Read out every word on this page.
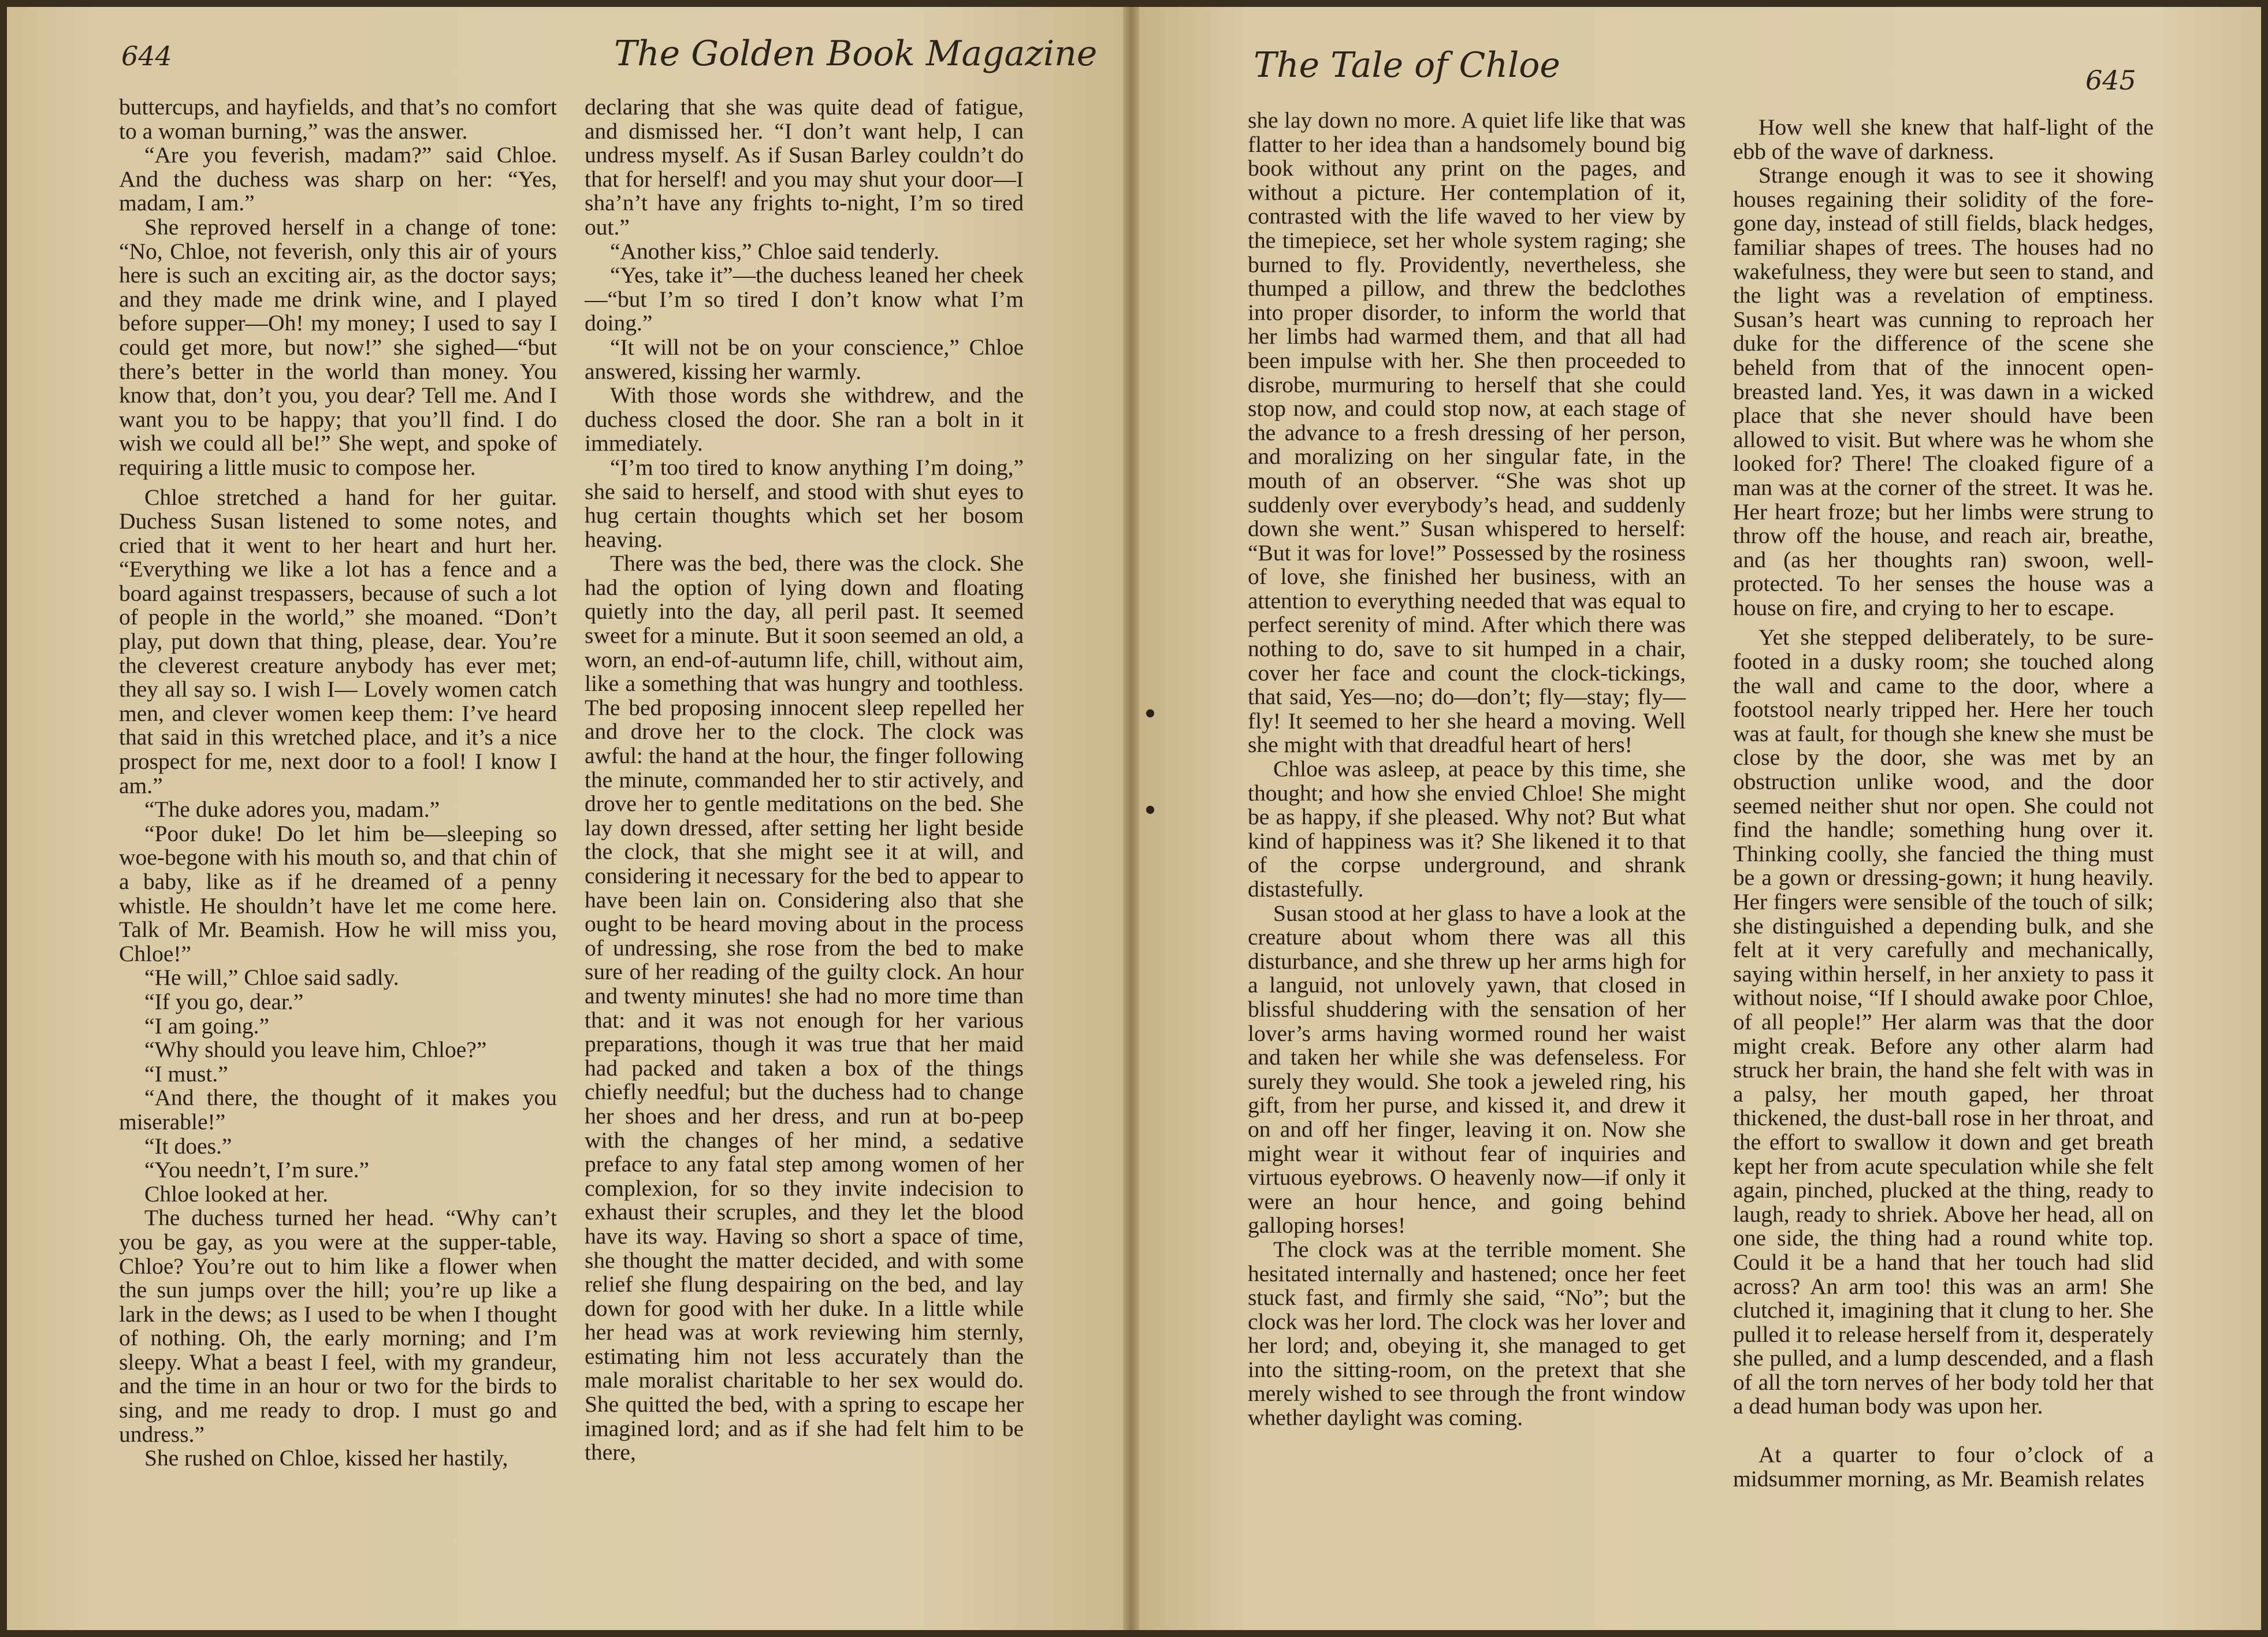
644	The Golden Book Magazine	The Tale of Chloe	645

buttercups, and hayfields, and that’s no comfort to a woman burning,” was the answer.

“Are you feverish, madam?” said Chloe. And the duchess was sharp on her: “Yes, madam, I am.”

She reproved herself in a change of tone: “No, Chloe, not feverish, only this air of yours here is such an exciting air, as the doctor says; and they made me drink wine, and I played before supper—Oh! my money; I used to say I could get more, but now!” she sighed—“but there’s better in the world than money. You know that, don’t you, you dear? Tell me. And I want you to be happy; that you’ll find. I do wish we could all be!” She wept, and spoke of requiring a little music to compose her.

Chloe stretched a hand for her guitar. Duchess Susan listened to some notes, and cried that it went to her heart and hurt her. “Everything we like a lot has a fence and a board against trespassers, because of such a lot of people in the world,” she moaned. “Don’t play, put down that thing, please, dear. You’re the cleverest creature anybody has ever met; they all say so. I wish I— Lovely women catch men, and clever women keep them: I’ve heard that said in this wretched place, and it’s a nice prospect for me, next door to a fool! I know I am.”

“The duke adores you, madam.”

“Poor duke! Do let him be—sleeping so woe-begone with his mouth so, and that chin of a baby, like as if he dreamed of a penny whistle. He shouldn’t have let me come here. Talk of Mr. Beamish. How he will miss you, Chloe!”

“He will,” Chloe said sadly.

“If you go, dear.”

“I am going.”

“Why should you leave him, Chloe?”

“I must.”

“And there, the thought of it makes you miserable!”

“It does.”

“You needn’t, I’m sure.”

Chloe looked at her.

The duchess turned her head. “Why can’t you be gay, as you were at the supper-table, Chloe? You’re out to him like a flower when the sun jumps over the hill; you’re up like a lark in the dews; as I used to be when I thought of nothing. Oh, the early morning; and I’m sleepy. What a beast I feel, with my grandeur, and the time in an hour or two for the birds to sing, and me ready to drop. I must go and undress.”

She rushed on Chloe, kissed her hastily,

declaring that she was quite dead of fatigue, and dismissed her. “I don’t want help, I can undress myself. As if Susan Barley couldn’t do that for herself! and you may shut your door—I sha’n’t have any frights to-night, I’m so tired out.”

“Another kiss,” Chloe said tenderly.

“Yes, take it”—the duchess leaned her cheek—“but I’m so tired I don’t know what I’m doing.”

“It will not be on your conscience,” Chloe answered, kissing her warmly.

With those words she withdrew, and the duchess closed the door. She ran a bolt in it immediately.

“I’m too tired to know anything I’m doing,” she said to herself, and stood with shut eyes to hug certain thoughts which set her bosom heaving.

There was the bed, there was the clock. She had the option of lying down and floating quietly into the day, all peril past. It seemed sweet for a minute. But it soon seemed an old, a worn, an end-of-autumn life, chill, without aim, like a something that was hungry and toothless. The bed proposing innocent sleep repelled her and drove her to the clock. The clock was awful: the hand at the hour, the finger following the minute, commanded her to stir actively, and drove her to gentle meditations on the bed. She lay down dressed, after setting her light beside the clock, that she might see it at will, and considering it necessary for the bed to appear to have been lain on. Considering also that she ought to be heard moving about in the process of undressing, she rose from the bed to make sure of her reading of the guilty clock. An hour and twenty minutes! she had no more time than that: and it was not enough for her various preparations, though it was true that her maid had packed and taken a box of the things chiefly needful; but the duchess had to change her shoes and her dress, and run at bo-peep with the changes of her mind, a sedative preface to any fatal step among women of her complexion, for so they invite indecision to exhaust their scruples, and they let the blood have its way. Having so short a space of time, she thought the matter decided, and with some relief she flung despairing on the bed, and lay down for good with her duke. In a little while her head was at work reviewing him sternly, estimating him not less accurately than the male moralist charitable to her sex would do. She quitted the bed, with a spring to escape her imagined lord; and as if she had felt him to be there,

she lay down no more. A quiet life like that was flatter to her idea than a handsomely bound big book without any print on the pages, and without a picture. Her contemplation of it, contrasted with the life waved to her view by the timepiece, set her whole system raging; she burned to fly. Providently, nevertheless, she thumped a pillow, and threw the bedclothes into proper disorder, to inform the world that her limbs had warmed them, and that all had been impulse with her. She then proceeded to disrobe, murmuring to herself that she could stop now, and could stop now, at each stage of the advance to a fresh dressing of her person, and moralizing on her singular fate, in the mouth of an observer. “She was shot up suddenly over everybody’s head, and suddenly down she went.” Susan whispered to herself: “But it was for love!” Possessed by the rosiness of love, she finished her business, with an attention to everything needed that was equal to perfect serenity of mind. After which there was nothing to do, save to sit humped in a chair, cover her face and count the clock-tickings, that said, Yes—no; do—don’t; fly—stay; fly—fly! It seemed to her she heard a moving. Well she might with that dreadful heart of hers!

Chloe was asleep, at peace by this time, she thought; and how she envied Chloe! She might be as happy, if she pleased. Why not? But what kind of happiness was it? She likened it to that of the corpse underground, and shrank distastefully.

Susan stood at her glass to have a look at the creature about whom there was all this disturbance, and she threw up her arms high for a languid, not unlovely yawn, that closed in blissful shuddering with the sensation of her lover’s arms having wormed round her waist and taken her while she was defenseless. For surely they would. She took a jeweled ring, his gift, from her purse, and kissed it, and drew it on and off her finger, leaving it on. Now she might wear it without fear of inquiries and virtuous eyebrows. O heavenly now—if only it were an hour hence, and going behind galloping horses!

The clock was at the terrible moment. She hesitated internally and hastened; once her feet stuck fast, and firmly she said, “No”; but the clock was her lord. The clock was her lover and her lord; and, obeying it, she managed to get into the sitting-room, on the pretext that she merely wished to see through the front window whether daylight was coming.

How well she knew that half-light of the ebb of the wave of darkness.

Strange enough it was to see it showing houses regaining their solidity of the fore-gone day, instead of still fields, black hedges, familiar shapes of trees. The houses had no wakefulness, they were but seen to stand, and the light was a revelation of emptiness. Susan’s heart was cunning to reproach her duke for the difference of the scene she beheld from that of the innocent open-breasted land. Yes, it was dawn in a wicked place that she never should have been allowed to visit. But where was he whom she looked for? There! The cloaked figure of a man was at the corner of the street. It was he. Her heart froze; but her limbs were strung to throw off the house, and reach air, breathe, and (as her thoughts ran) swoon, well-protected. To her senses the house was a house on fire, and crying to her to escape.

Yet she stepped deliberately, to be sure-footed in a dusky room; she touched along the wall and came to the door, where a footstool nearly tripped her. Here her touch was at fault, for though she knew she must be close by the door, she was met by an obstruction unlike wood, and the door seemed neither shut nor open. She could not find the handle; something hung over it. Thinking coolly, she fancied the thing must be a gown or dressing-gown; it hung heavily. Her fingers were sensible of the touch of silk; she distinguished a depending bulk, and she felt at it very carefully and mechanically, saying within herself, in her anxiety to pass it without noise, “If I should awake poor Chloe, of all people!” Her alarm was that the door might creak. Before any other alarm had struck her brain, the hand she felt with was in a palsy, her mouth gaped, her throat thickened, the dust-ball rose in her throat, and the effort to swallow it down and get breath kept her from acute speculation while she felt again, pinched, plucked at the thing, ready to laugh, ready to shriek. Above her head, all on one side, the thing had a round white top. Could it be a hand that her touch had slid across? An arm too! this was an arm! She clutched it, imagining that it clung to her. She pulled it to release herself from it, desperately she pulled, and a lump descended, and a flash of all the torn nerves of her body told her that a dead human body was upon her.

At a quarter to four o’clock of a midsummer morning, as Mr. Beamish relates
